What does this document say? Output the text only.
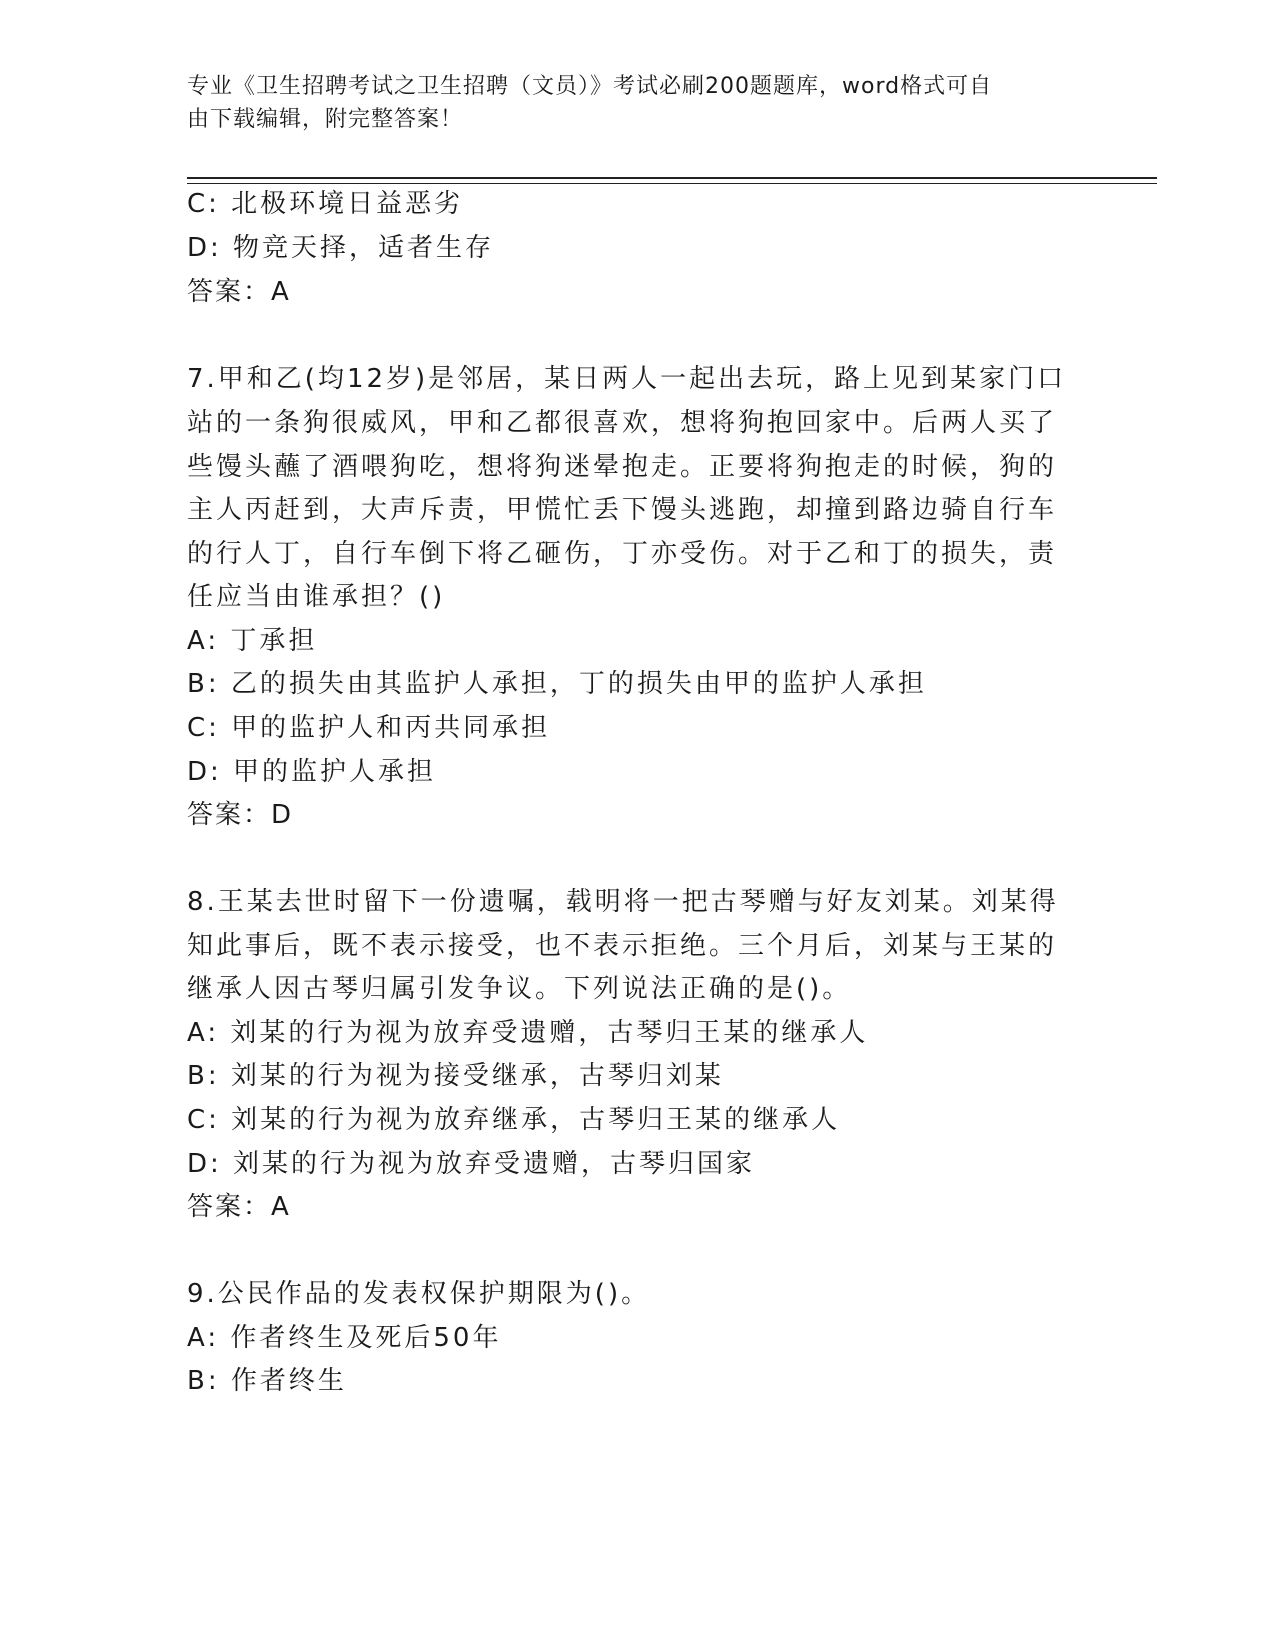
专业《卫生招聘考试之卫生招聘（文员）》考试必刷200题题库，word格式可自
由下载编辑，附完整答案！
C: 北极环境日益恶劣
D: 物竞天择，适者生存
答案：A
7.甲和乙(均12岁)是邻居，某日两人一起出去玩，路上见到某家门口
站的一条狗很威风，甲和乙都很喜欢，想将狗抱回家中。后两人买了
些馒头蘸了酒喂狗吃，想将狗迷晕抱走。正要将狗抱走的时候，狗的
主人丙赶到，大声斥责，甲慌忙丢下馒头逃跑，却撞到路边骑自行车
的行人丁，自行车倒下将乙砸伤，丁亦受伤。对于乙和丁的损失，责
任应当由谁承担？()
A: 丁承担
B: 乙的损失由其监护人承担，丁的损失由甲的监护人承担
C: 甲的监护人和丙共同承担
D: 甲的监护人承担
答案：D
8.王某去世时留下一份遗嘱，载明将一把古琴赠与好友刘某。刘某得
知此事后，既不表示接受，也不表示拒绝。三个月后，刘某与王某的
继承人因古琴归属引发争议。下列说法正确的是()。
A: 刘某的行为视为放弃受遗赠，古琴归王某的继承人
B: 刘某的行为视为接受继承，古琴归刘某
C: 刘某的行为视为放弃继承，古琴归王某的继承人
D: 刘某的行为视为放弃受遗赠，古琴归国家
答案：A
9.公民作品的发表权保护期限为()。
A: 作者终生及死后50年
B: 作者终生
